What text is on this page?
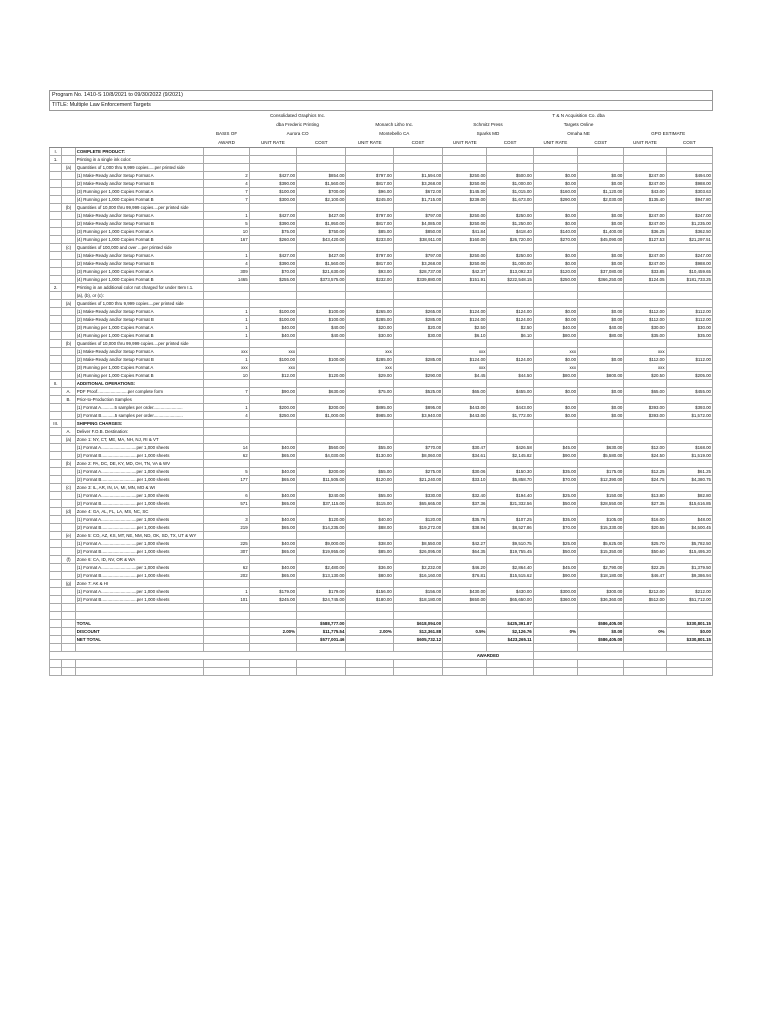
Program No. 1410-S 10/8/2021 to 09/30/2022 (9/2021)
TITLE: Multiple Law Enforcement Targets
				Consolidated Graphics Inc.						T & N Acquisition Co. dba			
				dba Frederic Printing		Monarch Litho Inc.		Schmitz Press		Targets Online			
			BASIS OF	Aurora CO		Montebello CA		Sparks MD		Omaha NE		GPO ESTIMATE	
			AWARD	UNIT RATE	COST	UNIT RATE	COST	UNIT RATE	COST	UNIT RATE	COST	UNIT RATE	COST
I.		COMPLETE PRODUCT:											
1.		Printing in a single ink color:											
	(a)	Quantities of 1,000 thru 9,999 copies.....per printed side											
		(1) Make-Ready and/or Setup Format A	2	$427.00	$854.00	$797.00	$1,594.00	$250.00	$500.00	$0.00	$0.00	$247.00	$494.00
		(2) Make-Ready and/or Setup Format B	4	$390.00	$1,560.00	$817.00	$3,268.00	$250.00	$1,000.00	$0.00	$0.00	$247.00	$988.00
		(3) Running per 1,000 Copies Format A	7	$100.00	$700.00	$96.00	$672.00	$145.00	$1,015.00	$160.00	$1,120.00	$43.00	$303.63
		(4) Running per 1,000 Copies Format B	7	$300.00	$2,100.00	$245.00	$1,715.00	$239.00	$1,673.00	$290.00	$2,030.00	$135.40	$947.80
	(b)	Quantities of 10,000 thru 99,999 copies....per printed side											
		(1) Make-Ready and/or Setup Format A	1	$427.00	$427.00	$797.00	$797.00	$250.00	$250.00	$0.00	$0.00	$247.00	$247.00
		(2) Make-Ready and/or Setup Format B	5	$390.00	$1,950.00	$817.00	$4,085.00	$250.00	$1,250.00	$0.00	$0.00	$247.00	$1,235.00
		(3) Running per 1,000 Copies Format A	10	$75.00	$750.00	$85.00	$850.00	$41.84	$418.40	$140.00	$1,400.00	$36.25	$362.50
		(4) Running per 1,000 Copies Format B	167	$260.00	$43,420.00	$233.00	$38,911.00	$160.00	$26,720.00	$270.00	$45,090.00	$127.53	$21,297.51
	(c)	Quantities of 100,000 and over ...per printed side											
		(1) Make-Ready and/or Setup Format A	1	$427.00	$427.00	$797.00	$797.00	$250.00	$250.00	$0.00	$0.00	$247.00	$247.00
		(2) Make-Ready and/or Setup Format B	4	$390.00	$1,560.00	$817.00	$3,268.00	$250.00	$1,000.00	$0.00	$0.00	$247.00	$988.00
		(3) Running per 1,000 Copies Format A	309	$70.00	$21,630.00	$93.00	$28,737.00	$42.37	$13,092.33	$120.00	$37,080.00	$33.85	$10,459.65
		(4) Running per 1,000 Copies Format B	1465	$255.00	$373,575.00	$232.00	$339,880.00	$151.91	$222,548.15	$250.00	$366,250.00	$124.05	$181,733.25
2.		Printing in an additional color not charged for under Item I.1.											
		(a), (b), or (c):											
	(a)	Quantities of 1,000 thru 9,999 copies....per printed side											
		(1) Make-Ready and/or Setup Format A	1	$100.00	$100.00	$265.00	$265.00	$124.00	$124.00	$0.00	$0.00	$112.00	$112.00
		(2) Make-Ready and/or Setup Format B	1	$100.00	$100.00	$285.00	$285.00	$124.00	$124.00	$0.00	$0.00	$112.00	$112.00
		(3) Running per 1,000 Copies Format A	1	$40.00	$40.00	$20.00	$20.00	$2.50	$2.50	$40.00	$40.00	$30.00	$30.00
		(4) Running per 1,000 Copies Format B	1	$40.00	$40.00	$30.00	$30.00	$6.10	$6.10	$80.00	$80.00	$35.00	$35.00
	(b)	Quantities of 10,000 thru 99,999 copies....per printed side											
		(1) Make-Ready and/or Setup Format A	xxx	xxx		xxx		xxx		xxx		xxx	
		(2) Make-Ready and/or Setup Format B	1	$100.00	$100.00	$285.00	$285.00	$124.00	$124.00	$0.00	$0.00	$112.00	$112.00
		(3) Running per 1,000 Copies Format A	xxx	xxx		xxx		xxx		xxx		xxx	
		(4) Running per 1,000 Copies Format B	10	$12.00	$120.00	$29.00	$290.00	$4.45	$44.50	$80.00	$800.00	$20.50	$205.00
II.		ADDITIONAL OPERATIONS:											
	A.	PDF Proof.........................per complete form	7	$90.00	$630.00	$75.00	$525.00	$65.00	$455.00	$0.00	$0.00	$65.00	$455.00
	B.	Prior-to-Production Samples											
		(1) Format A...........5 samples per order........................	1	$200.00	$200.00	$895.00	$895.00	$443.00	$443.00	$0.00	$0.00	$393.00	$393.00
		(2) Format B...........5 samples per order........................	4	$250.00	$1,000.00	$985.00	$3,940.00	$443.00	$1,772.00	$0.00	$0.00	$393.00	$1,572.00
III.		SHIPPING CHARGES:											
	A.	Deliver F.O.B. Destination:											
	(a)	Zone 1: NY, CT, ME, MA, NH, NJ, RI & VT											
		(1) Format A.............................per 1,000 sheets	14	$40.00	$560.00	$55.00	$770.00	$30.47	$426.58	$45.00	$630.00	$12.00	$168.00
		(2) Format B.............................per 1,000 sheets	62	$65.00	$4,030.00	$130.00	$8,060.00	$34.61	$2,145.82	$90.00	$5,580.00	$24.50	$1,519.00
	(b)	Zone 2: PA, DC, DE, KY, MD, OH, TN, VA & WV											
		(1) Format A.............................per 1,000 sheets	5	$40.00	$200.00	$55.00	$275.00	$30.06	$150.30	$35.00	$175.00	$12.25	$61.25
		(2) Format B.............................per 1,000 sheets	177	$65.00	$11,505.00	$120.00	$21,240.00	$33.10	$5,858.70	$70.00	$12,390.00	$24.75	$4,380.75
	(c)	Zone 3: IL, AR, IN, IA, MI, MN, MO & WI											
		(1) Format A.............................per 1,000 sheets	6	$40.00	$240.00	$55.00	$330.00	$32.40	$194.40	$25.00	$150.00	$13.80	$82.80
		(2) Format B.............................per 1,000 sheets	571	$65.00	$37,115.00	$115.00	$65,665.00	$37.36	$21,332.56	$50.00	$28,550.00	$27.35	$15,616.85
	(d)	Zone 4: GA, AL, FL, LA, MS, NC, SC											
		(1) Format A.............................per 1,000 sheets	3	$40.00	$120.00	$40.00	$120.00	$35.75	$107.25	$35.00	$105.00	$16.00	$48.00
		(2) Format B.............................per 1,000 sheets	219	$65.00	$14,235.00	$88.00	$19,272.00	$38.94	$8,527.86	$70.00	$15,330.00	$20.55	$4,500.45
	(e)	Zone 5: CO, AZ, KS, MT, NE, NM, ND, OK, SD, TX, UT & WY											
		(1) Format A.............................per 1,000 sheets	225	$40.00	$9,000.00	$38.00	$8,550.00	$42.27	$9,510.75	$25.00	$5,625.00	$25.70	$5,782.50
		(2) Format B.............................per 1,000 sheets	307	$65.00	$19,955.00	$85.00	$26,095.00	$64.35	$19,755.45	$50.00	$15,350.00	$50.60	$15,495.20
	(f)	Zone 6: CA, ID, NV, OR & WA											
		(1) Format A.............................per 1,000 sheets	62	$40.00	$2,480.00	$36.00	$2,232.00	$46.20	$2,864.40	$45.00	$2,790.00	$22.25	$1,379.50
		(2) Format B.............................per 1,000 sheets	202	$65.00	$13,130.00	$80.00	$16,160.00	$76.81	$15,515.62	$90.00	$18,180.00	$46.47	$9,386.94
	(g)	Zone 7: AK & HI											
		(1) Format A.............................per 1,000 sheets	1	$179.00	$179.00	$156.00	$156.00	$430.00	$430.00	$300.00	$300.00	$212.00	$212.00
		(2) Format B.............................per 1,000 sheets	101	$245.00	$24,745.00	$180.00	$18,180.00	$650.00	$65,650.00	$360.00	$36,360.00	$512.00	$51,712.00

		TOTAL			$588,777.00		$618,094.00		$425,391.87		$586,405.00		$330,801.15
		DISCOUNT		2.00%	$11,775.54	2.00%	$12,361.88	0.5%	$2,126.76	0%	$0.00	0%	$0.00
		NET TOTAL			$577,001.46		$605,732.12		$423,265.11		$586,405.00		$330,801.15

								AWARDED					
